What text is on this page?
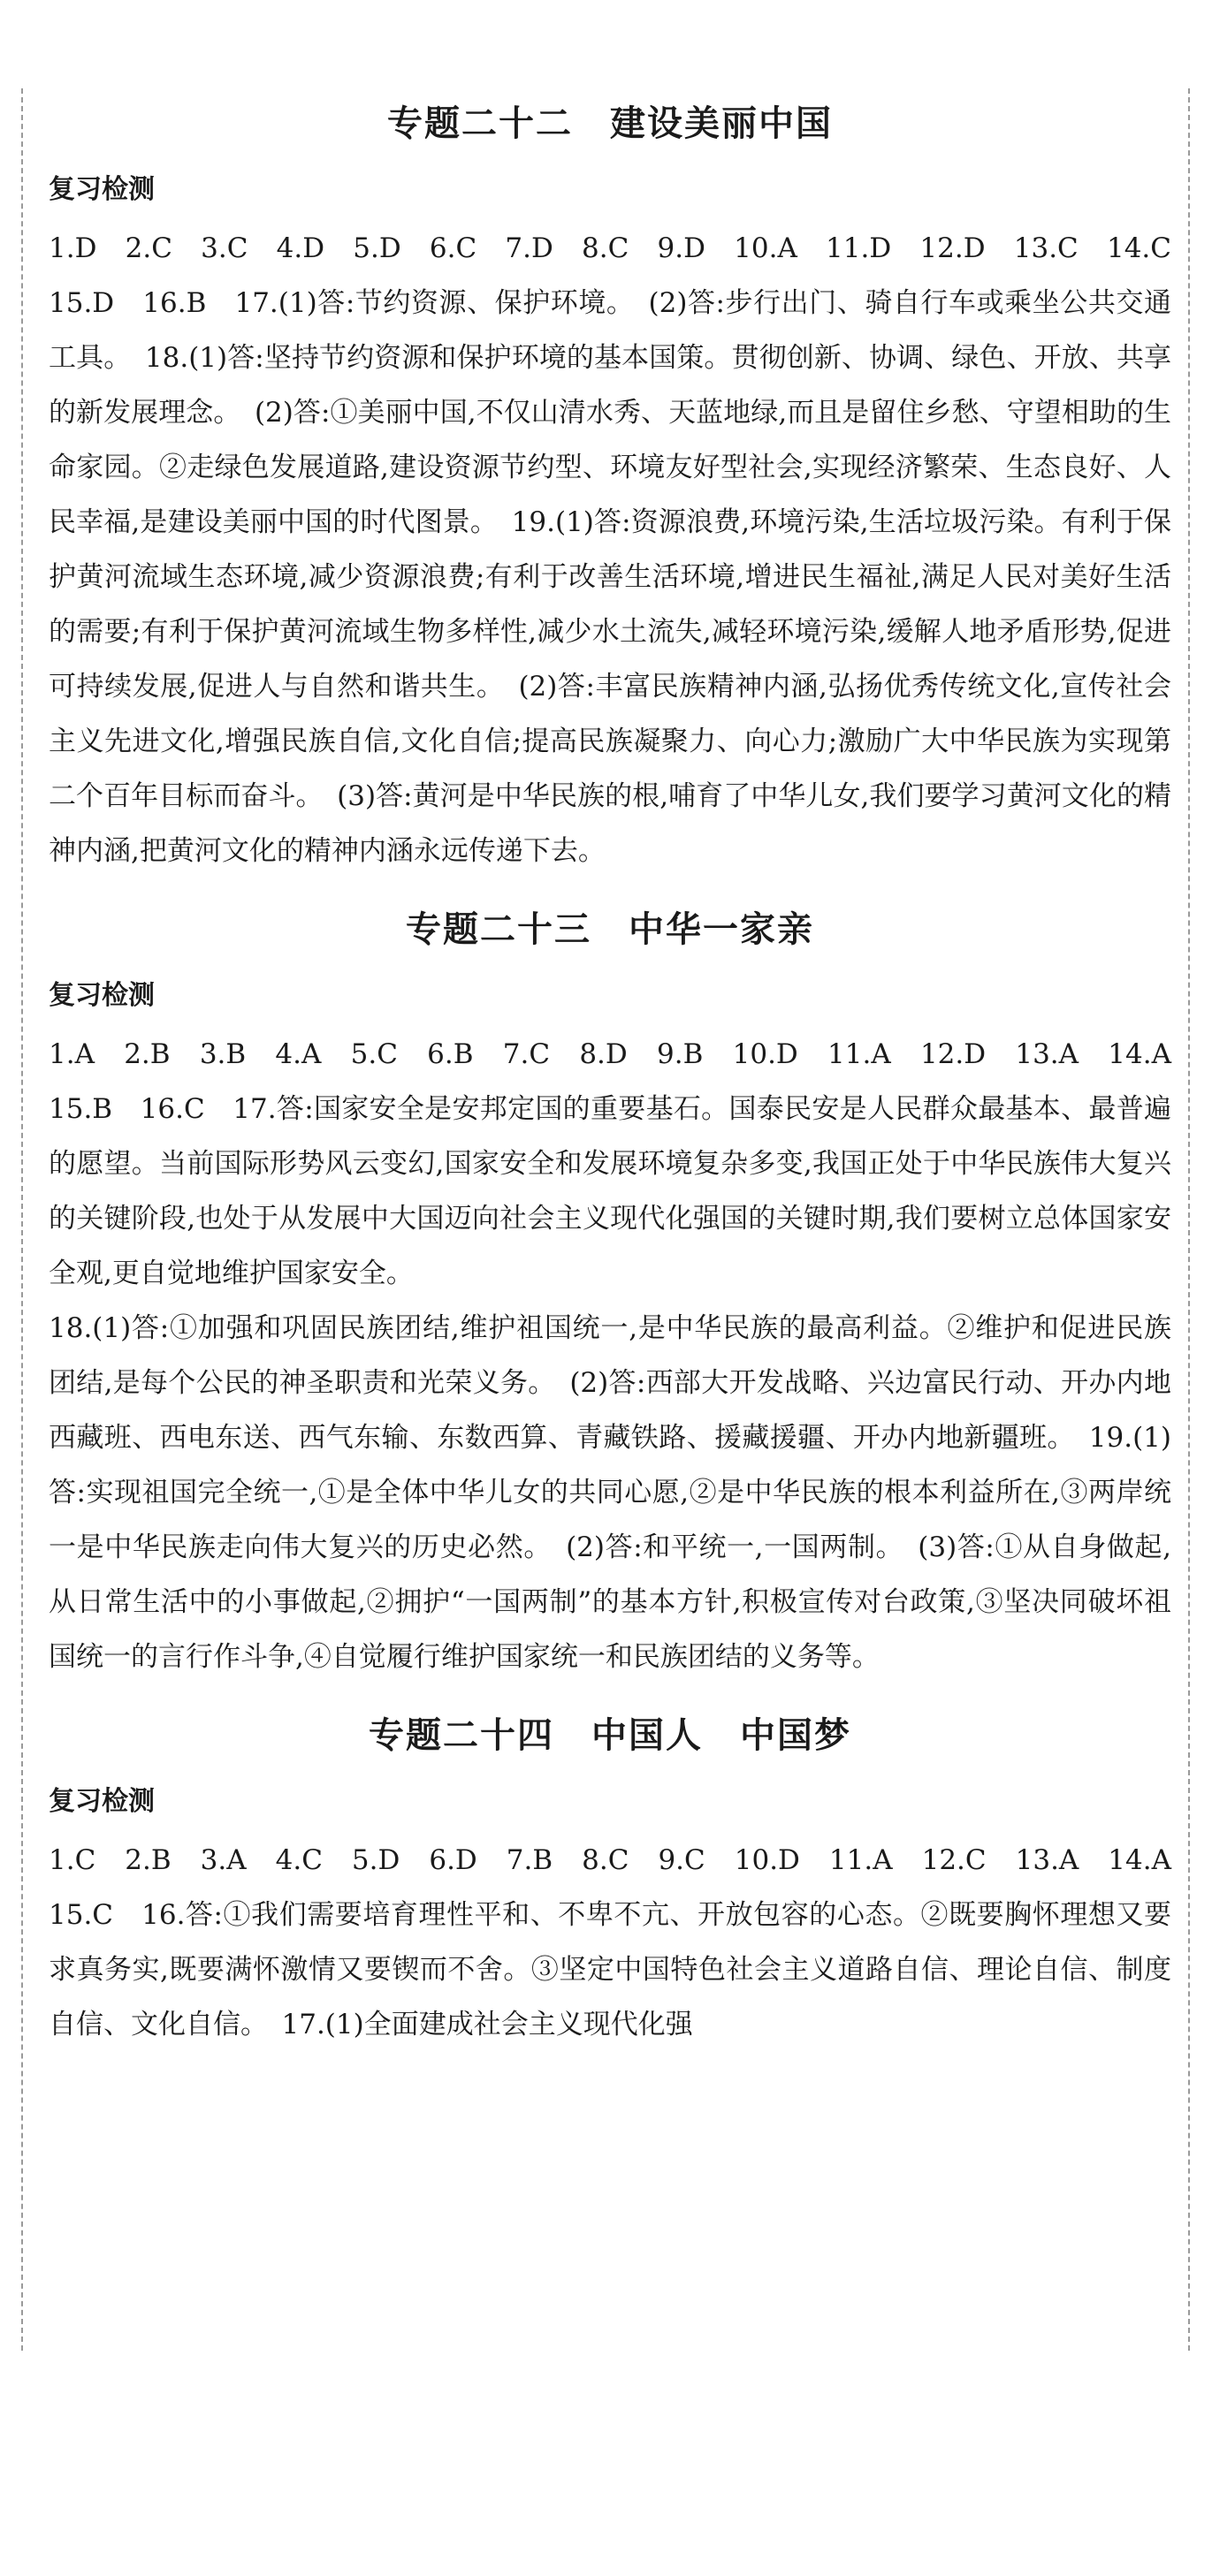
专题二十二　建设美丽中国
复习检测

1.D　2.C　3.C　4.D　5.D　6.C　7.D　8.C　9.D　10.A　11.D　12.D　13.C　14.C　15.D　16.B　17.(1)答:节约资源、保护环境。　(2)答:步行出门、骑自行车或乘坐公共交通工具。　18.(1)答:坚持节约资源和保护环境的基本国策。贯彻创新、协调、绿色、开放、共享的新发展理念。　(2)答:①美丽中国,不仅山清水秀、天蓝地绿,而且是留住乡愁、守望相助的生命家园。②走绿色发展道路,建设资源节约型、环境友好型社会,实现经济繁荣、生态良好、人民幸福,是建设美丽中国的时代图景。　19.(1)答:资源浪费,环境污染,生活垃圾污染。有利于保护黄河流域生态环境,减少资源浪费;有利于改善生活环境,增进民生福祉,满足人民对美好生活的需要;有利于保护黄河流域生物多样性,减少水土流失,减轻环境污染,缓解人地矛盾形势,促进可持续发展,促进人与自然和谐共生。　(2)答:丰富民族精神内涵,弘扬优秀传统文化,宣传社会主义先进文化,增强民族自信,文化自信;提高民族凝聚力、向心力;激励广大中华民族为实现第二个百年目标而奋斗。　(3)答:黄河是中华民族的根,哺育了中华儿女,我们要学习黄河文化的精神内涵,把黄河文化的精神内涵永远传递下去。

专题二十三　中华一家亲
复习检测

1.A　2.B　3.B　4.A　5.C　6.B　7.C　8.D　9.B　10.D　11.A　12.D　13.A　14.A　15.B　16.C　17.答:国家安全是安邦定国的重要基石。国泰民安是人民群众最基本、最普遍的愿望。当前国际形势风云变幻,国家安全和发展环境复杂多变,我国正处于中华民族伟大复兴的关键阶段,也处于从发展中大国迈向社会主义现代化强国的关键时期,我们要树立总体国家安全观,更自觉地维护国家安全。

18.(1)答:①加强和巩固民族团结,维护祖国统一,是中华民族的最高利益。②维护和促进民族团结,是每个公民的神圣职责和光荣义务。　(2)答:西部大开发战略、兴边富民行动、开办内地西藏班、西电东送、西气东输、东数西算、青藏铁路、援藏援疆、开办内地新疆班。　19.(1)答:实现祖国完全统一,①是全体中华儿女的共同心愿,②是中华民族的根本利益所在,③两岸统一是中华民族走向伟大复兴的历史必然。　(2)答:和平统一,一国两制。　(3)答:①从自身做起,从日常生活中的小事做起,②拥护“一国两制”的基本方针,积极宣传对台政策,③坚决同破坏祖国统一的言行作斗争,④自觉履行维护国家统一和民族团结的义务等。

专题二十四　中国人　中国梦
复习检测

1.C　2.B　3.A　4.C　5.D　6.D　7.B　8.C　9.C　10.D　11.A　12.C　13.A　14.A　15.C　16.答:①我们需要培育理性平和、不卑不亢、开放包容的心态。②既要胸怀理想又要求真务实,既要满怀激情又要锲而不舍。③坚定中国特色社会主义道路自信、理论自信、制度自信、文化自信。　17.(1)全面建成社会主义现代化强
